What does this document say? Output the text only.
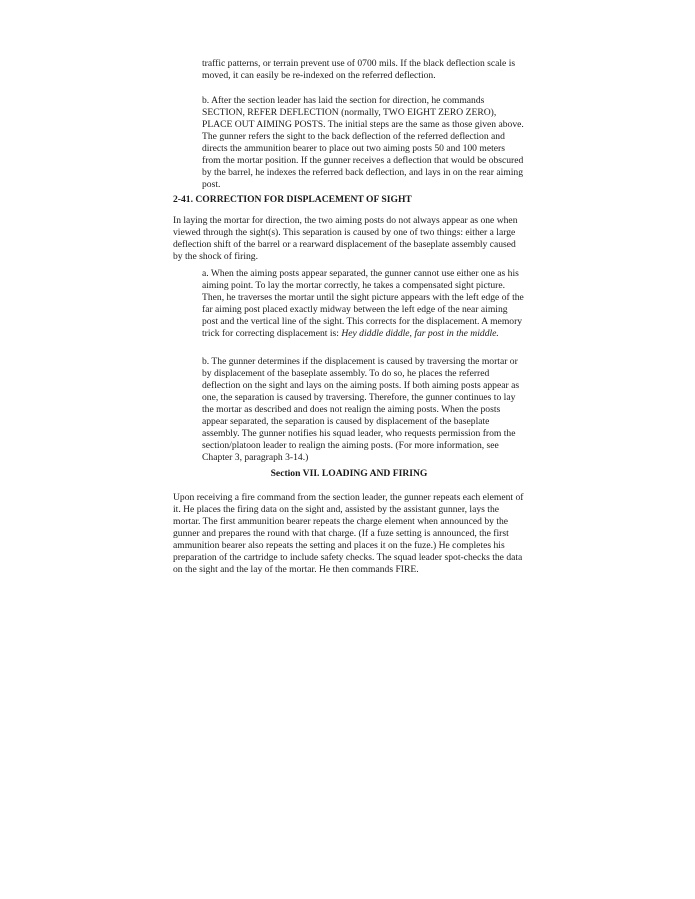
traffic patterns, or terrain prevent use of 0700 mils. If the black deflection scale is moved, it can easily be re-indexed on the referred deflection.
b. After the section leader has laid the section for direction, he commands SECTION, REFER DEFLECTION (normally, TWO EIGHT ZERO ZERO), PLACE OUT AIMING POSTS. The initial steps are the same as those given above. The gunner refers the sight to the back deflection of the referred deflection and directs the ammunition bearer to place out two aiming posts 50 and 100 meters from the mortar position. If the gunner receives a deflection that would be obscured by the barrel, he indexes the referred back deflection, and lays in on the rear aiming post.
2-41. CORRECTION FOR DISPLACEMENT OF SIGHT
In laying the mortar for direction, the two aiming posts do not always appear as one when viewed through the sight(s). This separation is caused by one of two things: either a large deflection shift of the barrel or a rearward displacement of the baseplate assembly caused by the shock of firing.
a. When the aiming posts appear separated, the gunner cannot use either one as his aiming point. To lay the mortar correctly, he takes a compensated sight picture. Then, he traverses the mortar until the sight picture appears with the left edge of the far aiming post placed exactly midway between the left edge of the near aiming post and the vertical line of the sight. This corrects for the displacement. A memory trick for correcting displacement is: Hey diddle diddle, far post in the middle.
b. The gunner determines if the displacement is caused by traversing the mortar or by displacement of the baseplate assembly. To do so, he places the referred deflection on the sight and lays on the aiming posts. If both aiming posts appear as one, the separation is caused by traversing. Therefore, the gunner continues to lay the mortar as described and does not realign the aiming posts. When the posts appear separated, the separation is caused by displacement of the baseplate assembly. The gunner notifies his squad leader, who requests permission from the section/platoon leader to realign the aiming posts. (For more information, see Chapter 3, paragraph 3-14.)
Section VII. LOADING AND FIRING
Upon receiving a fire command from the section leader, the gunner repeats each element of it. He places the firing data on the sight and, assisted by the assistant gunner, lays the mortar. The first ammunition bearer repeats the charge element when announced by the gunner and prepares the round with that charge. (If a fuze setting is announced, the first ammunition bearer also repeats the setting and places it on the fuze.) He completes his preparation of the cartridge to include safety checks. The squad leader spot-checks the data on the sight and the lay of the mortar. He then commands FIRE.
